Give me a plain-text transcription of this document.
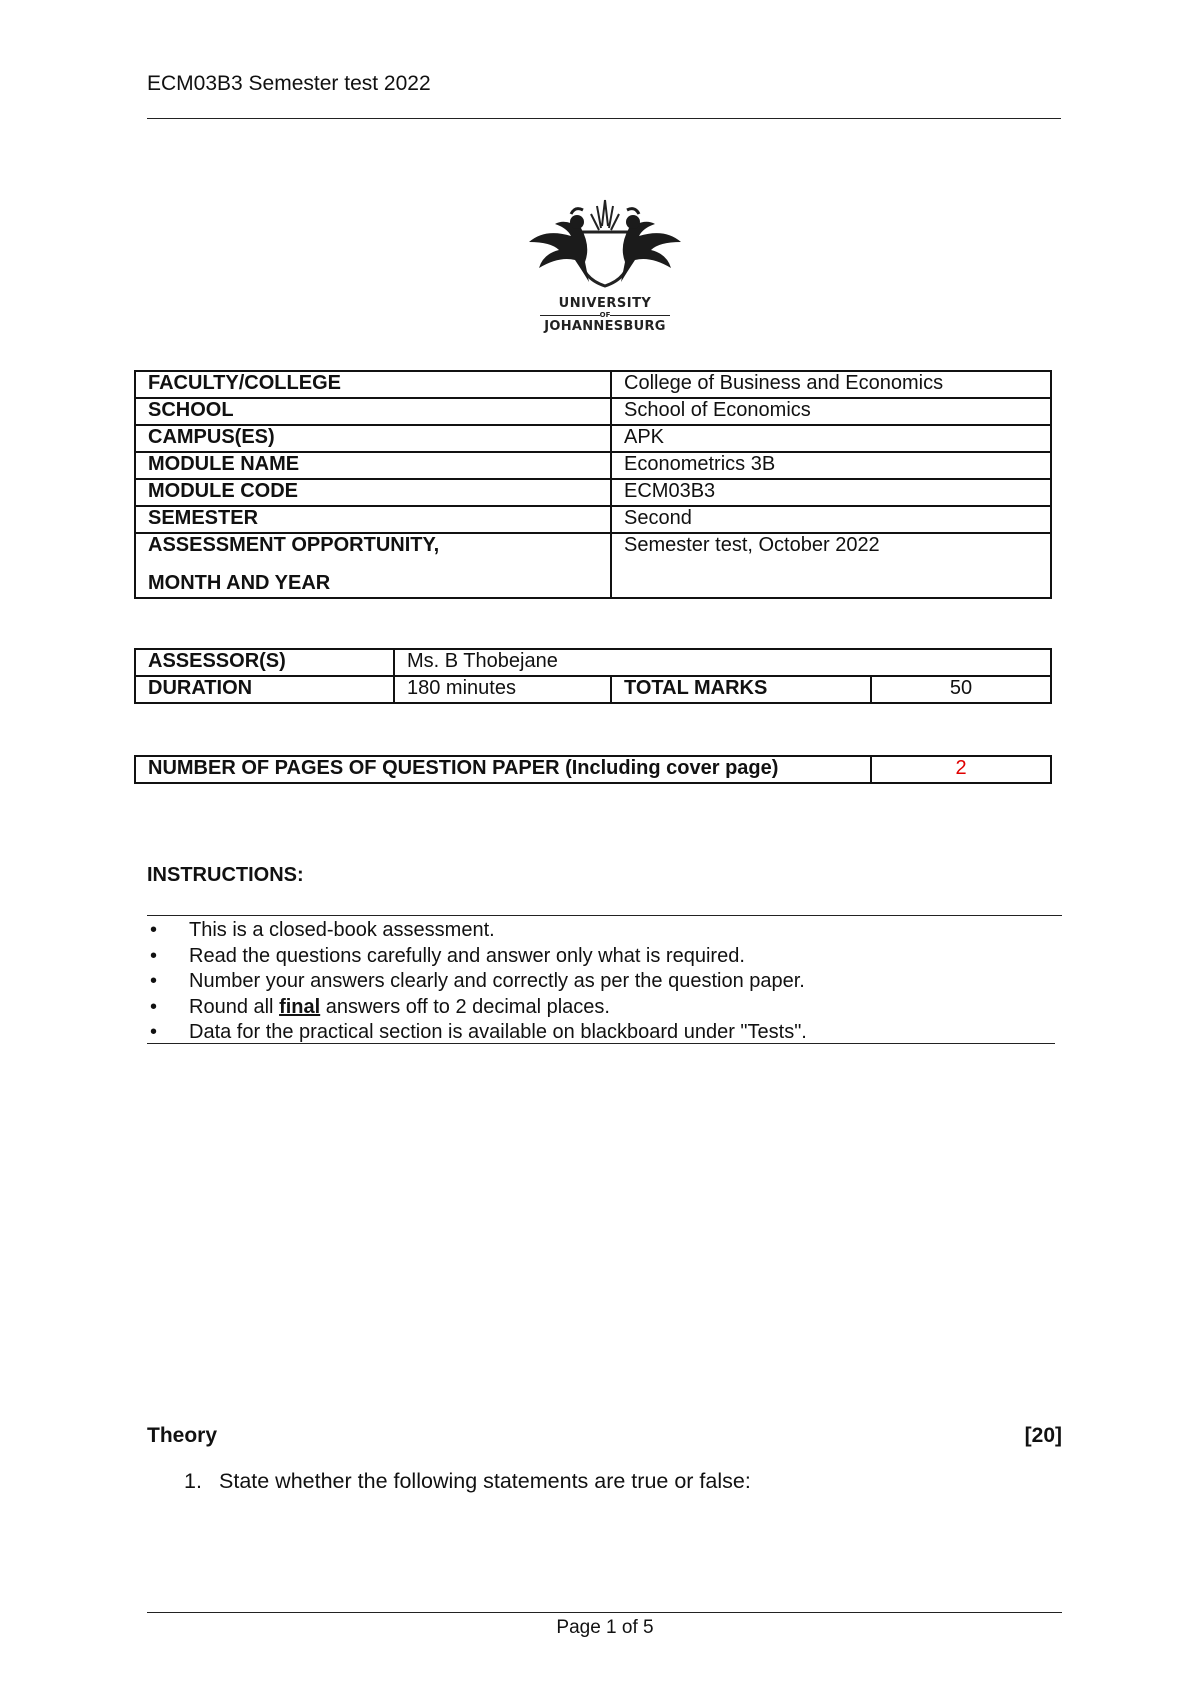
ECM03B3 Semester test 2022
UNIVERSITY
OF
JOHANNESBURG
FACULTY/COLLEGE	College of Business and Economics
SCHOOL	School of Economics
CAMPUS(ES)	APK
MODULE NAME	Econometrics 3B
MODULE CODE	ECM03B3
SEMESTER	Second

ASSESSMENT OPPORTUNITY,
MONTH AND YEAR	Semester test, October 2022
ASSESSOR(S)	Ms. B Thobejane		
DURATION	180 minutes	TOTAL MARKS	50
NUMBER OF PAGES OF QUESTION PAPER (Including cover page)	2
INSTRUCTIONS:
• This is a closed-book assessment.
• Read the questions carefully and answer only what is required.
• Number your answers clearly and correctly as per the question paper.
• Round all final answers off to 2 decimal places.
• Data for the practical section is available on blackboard under "Tests".
Theory	[20]
1. State whether the following statements are true or false:
Page 1 of 5
